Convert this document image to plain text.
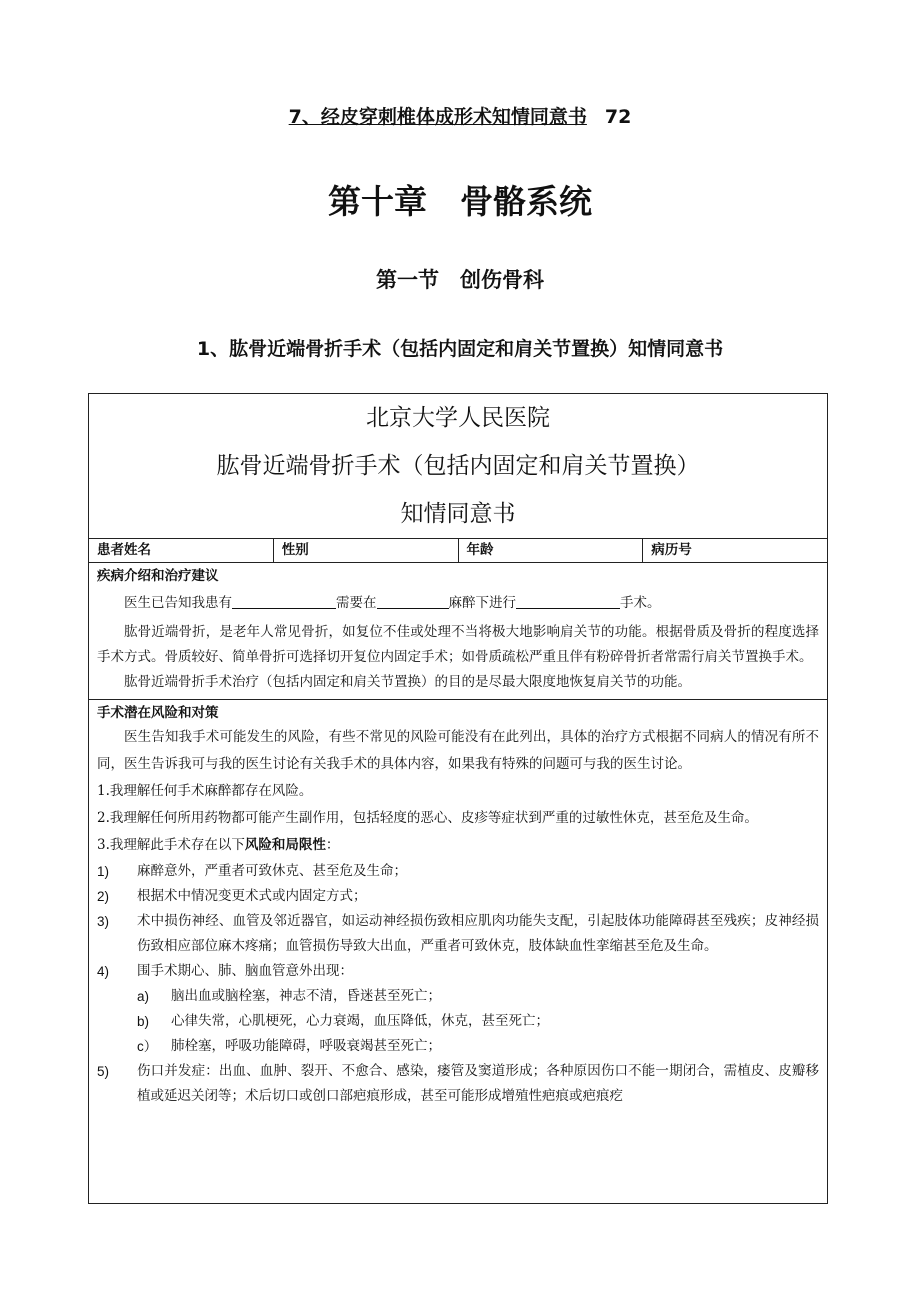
7、经皮穿刺椎体成形术知情同意书 72
第十章　骨骼系统
第一节　创伤骨科
1、肱骨近端骨折手术（包括内固定和肩关节置换）知情同意书
北京大学人民医院
肱骨近端骨折手术（包括内固定和肩关节置换）
知情同意书
患者姓名	性别	年龄	病历号
疾病介绍和治疗建议

医生已告知我患有	需要在	麻醉下进行	手术。

肱骨近端骨折，是老年人常见骨折，如复位不佳或处理不当将极大地影响肩关节的功能。根据骨质及骨折的程度选择手术方式。骨质较好、简单骨折可选择切开复位内固定手术；如骨质疏松严重且伴有粉碎骨折者常需行肩关节置换手术。

肱骨近端骨折手术治疗（包括内固定和肩关节置换）的目的是尽最大限度地恢复肩关节的功能。

手术潜在风险和对策

医生告知我手术可能发生的风险，有些不常见的风险可能没有在此列出，具体的治疗方式根据不同病人的情况有所不同，医生告诉我可与我的医生讨论有关我手术的具体内容，如果我有特殊的问题可与我的医生讨论。

1.我理解任何手术麻醉都存在风险。

2.我理解任何所用药物都可能产生副作用，包括轻度的恶心、皮疹等症状到严重的过敏性休克，甚至危及生命。

3.我理解此手术存在以下风险和局限性：

1)	麻醉意外，严重者可致休克、甚至危及生命；
2)	根据术中情况变更术式或内固定方式；
3)	术中损伤神经、血管及邻近器官，如运动神经损伤致相应肌肉功能失支配，引起肢体功能障碍甚至残疾；皮神经损伤致相应部位麻木疼痛；血管损伤导致大出血，严重者可致休克，肢体缺血性挛缩甚至危及生命。
4)	围手术期心、肺、脑血管意外出现：
a)	脑出血或脑栓塞，神志不清，昏迷甚至死亡；
b)	心律失常，心肌梗死，心力衰竭，血压降低，休克，甚至死亡；
c）	肺栓塞，呼吸功能障碍，呼吸衰竭甚至死亡；
5)	伤口并发症：出血、血肿、裂开、不愈合、感染，瘘管及窦道形成；各种原因伤口不能一期闭合，需植皮、皮瓣移植或延迟关闭等；术后切口或创口部疤痕形成，甚至可能形成增殖性疤痕或疤痕疙
